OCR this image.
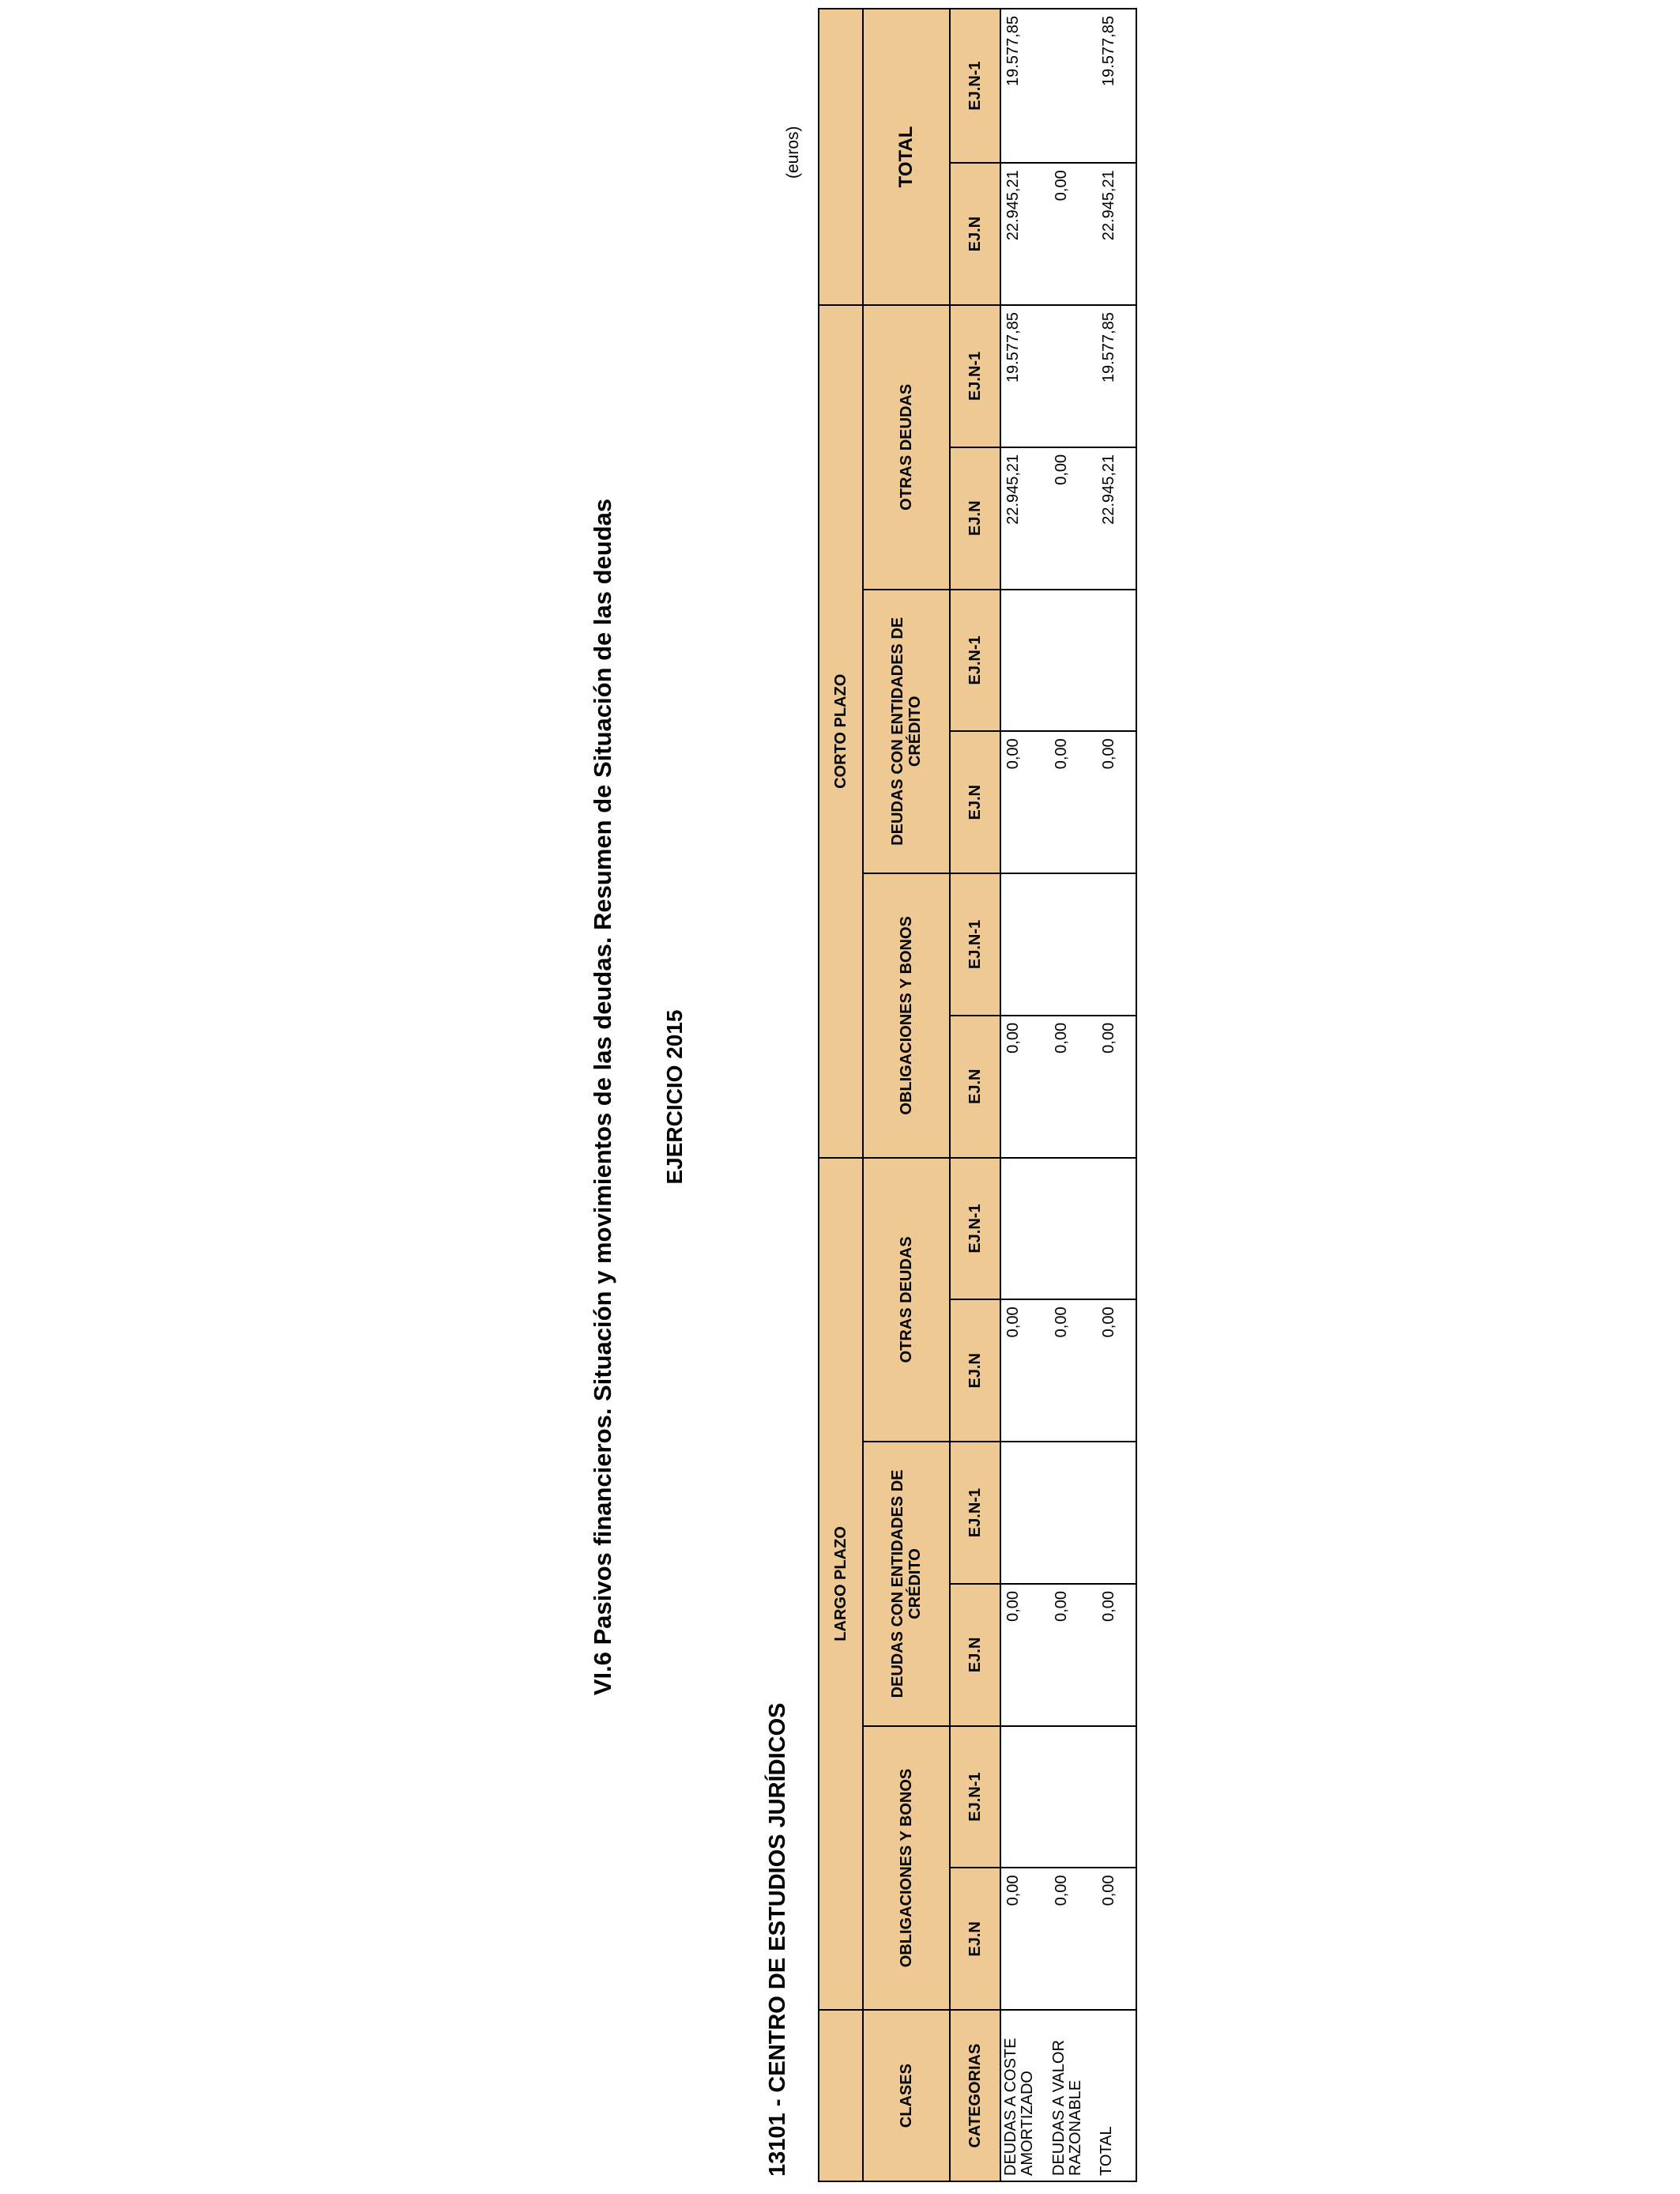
VI.6 Pasivos financieros. Situación y movimientos de las deudas. Resumen de Situación de las deudas EJERCICIO 2015
13101 - CENTRO DE ESTUDIOS JURÍDICOS
(euros)
	LARGO PLAZO						CORTO PLAZO							
CLASES	OBLIGACIONES Y BONOS		DEUDAS CON ENTIDADES DE CRÉDITO		OTRAS DEUDAS		OBLIGACIONES Y BONOS		DEUDAS CON ENTIDADES DE CRÉDITO		OTRAS DEUDAS		TOTAL	
CATEGORIAS	EJ.N	EJ.N-1	EJ.N	EJ.N-1	EJ.N	EJ.N-1	EJ.N	EJ.N-1	EJ.N	EJ.N-1	EJ.N	EJ.N-1	EJ.N	EJ.N-1
DEUDAS A COSTE AMORTIZADO	0,00		0,00		0,00		0,00		0,00		22.945,21	19.577,85	22.945,21	19.577,85
DEUDAS A VALOR RAZONABLE	0,00		0,00		0,00		0,00		0,00		0,00		0,00	
TOTAL	0,00		0,00		0,00		0,00		0,00		22.945,21	19.577,85	22.945,21	19.577,85
